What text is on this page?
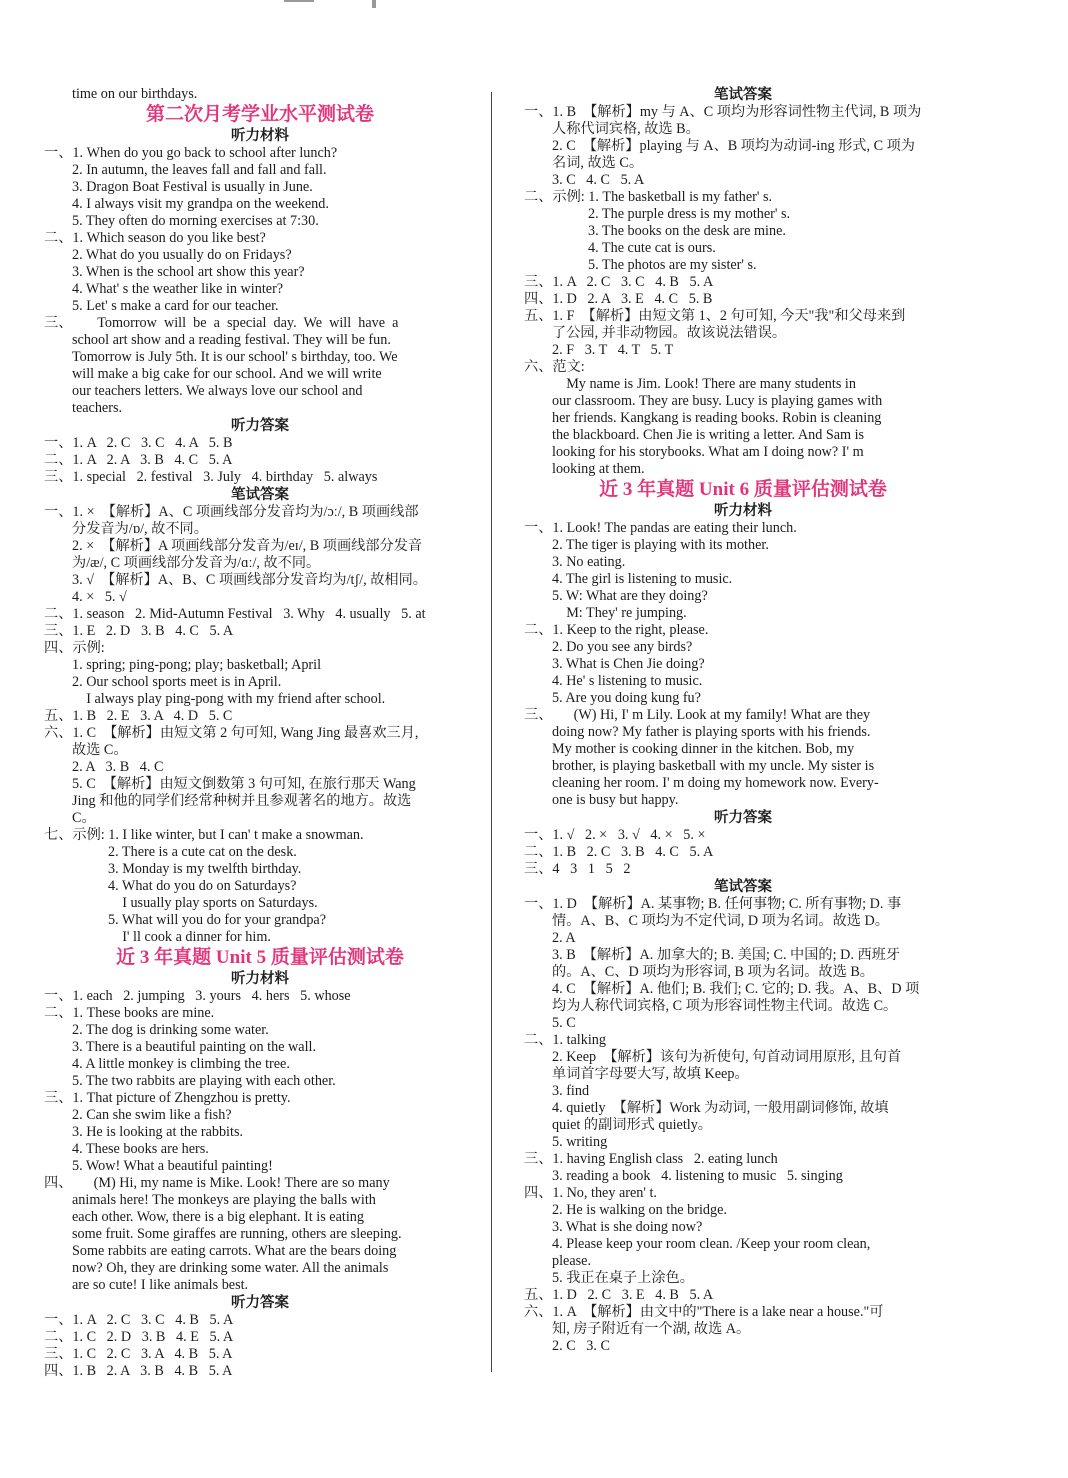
time on our birthdays.
第二次月考学业水平测试卷
听力材料
一、1. When do you go back to school after lunch?
2. In autumn, the leaves fall and fall and fall.
3. Dragon Boat Festival is usually in June.
4. I always visit my grandpa on the weekend.
5. They often do morning exercises at 7:30.
二、1. Which season do you like best?
2. What do you usually do on Fridays?
3. When is the school art show this year?
4. What' s the weather like in winter?
5. Let' s make a card for our teacher.
三、       Tomorrow  will  be  a  special  day.  We  will  have  a
school art show and a reading festival. They will be fun.
Tomorrow is July 5th. It is our school' s birthday, too. We
will make a big cake for our school. And we will write
our teachers letters. We always love our school and
teachers.
听力答案
一、1. A   2. C   3. C   4. A   5. B
二、1. A   2. A   3. B   4. C   5. A
三、1. special   2. festival   3. July   4. birthday   5. always
笔试答案
一、1. ×  【解析】A、C 项画线部分发音均为/ɔː/, B 项画线部
分发音为/ɒ/, 故不同。
2. ×  【解析】A 项画线部分发音为/eɪ/, B 项画线部分发音
为/æ/, C 项画线部分发音为/ɑː/, 故不同。
3. √  【解析】A、B、C 项画线部分发音均为/tʃ/, 故相同。
4. ×   5. √
二、1. season   2. Mid-Autumn Festival   3. Why   4. usually   5. at
三、1. E   2. D   3. B   4. C   5. A
四、示例:
1. spring; ping-pong; play; basketball; April
2. Our school sports meet is in April.
I always play ping-pong with my friend after school.
五、1. B   2. E   3. A   4. D   5. C
六、1. C  【解析】由短文第 2 句可知, Wang Jing 最喜欢三月,
故选 C。
2. A   3. B   4. C
5. C  【解析】由短文倒数第 3 句可知, 在旅行那天 Wang
Jing 和他的同学们经常种树并且参观著名的地方。故选
C。
七、示例: 1. I like winter, but I can' t make a snowman.
2. There is a cute cat on the desk.
3. Monday is my twelfth birthday.
4. What do you do on Saturdays?
I usually play sports on Saturdays.
5. What will you do for your grandpa?
I' ll cook a dinner for him.
近 3 年真题 Unit 5 质量评估测试卷
听力材料
一、1. each   2. jumping   3. yours   4. hers   5. whose
二、1. These books are mine.
2. The dog is drinking some water.
3. There is a beautiful painting on the wall.
4. A little monkey is climbing the tree.
5. The two rabbits are playing with each other.
三、1. That picture of Zhengzhou is pretty.
2. Can she swim like a fish?
3. He is looking at the rabbits.
4. These books are hers.
5. Wow! What a beautiful painting!
四、      (M) Hi, my name is Mike. Look! There are so many
animals here! The monkeys are playing the balls with
each other. Wow, there is a big elephant. It is eating
some fruit. Some giraffes are running, others are sleeping.
Some rabbits are eating carrots. What are the bears doing
now? Oh, they are drinking some water. All the animals
are so cute! I like animals best.
听力答案
一、1. A   2. C   3. C   4. B   5. A
二、1. C   2. D   3. B   4. E   5. A
三、1. C   2. C   3. A   4. B   5. A
四、1. B   2. A   3. B   4. B   5. A
笔试答案
一、1. B  【解析】my 与 A、C 项均为形容词性物主代词, B 项为
人称代词宾格, 故选 B。
2. C  【解析】playing 与 A、B 项均为动词-ing 形式, C 项为
名词, 故选 C。
3. C   4. C   5. A
二、示例: 1. The basketball is my father' s.
2. The purple dress is my mother' s.
3. The books on the desk are mine.
4. The cute cat is ours.
5. The photos are my sister' s.
三、1. A   2. C   3. C   4. B   5. A
四、1. D   2. A   3. E   4. C   5. B
五、1. F  【解析】由短文第 1、2 句可知, 今天"我"和父母来到
了公园, 并非动物园。故该说法错误。
2. F   3. T   4. T   5. T
六、范文:
My name is Jim. Look! There are many students in
our classroom. They are busy. Lucy is playing games with
her friends. Kangkang is reading books. Robin is cleaning
the blackboard. Chen Jie is writing a letter. And Sam is
looking for his storybooks. What am I doing now? I' m
looking at them.
近 3 年真题 Unit 6 质量评估测试卷
听力材料
一、1. Look! The pandas are eating their lunch.
2. The tiger is playing with its mother.
3. No eating.
4. The girl is listening to music.
5. W: What are they doing?
M: They' re jumping.
二、1. Keep to the right, please.
2. Do you see any birds?
3. What is Chen Jie doing?
4. He' s listening to music.
5. Are you doing kung fu?
三、      (W) Hi, I' m Lily. Look at my family! What are they
doing now? My father is playing sports with his friends.
My mother is cooking dinner in the kitchen. Bob, my
brother, is playing basketball with my uncle. My sister is
cleaning her room. I' m doing my homework now. Every-
one is busy but happy.
听力答案
一、1. √   2. ×   3. √   4. ×   5. ×
二、1. B   2. C   3. B   4. C   5. A
三、4   3   1   5   2
笔试答案
一、1. D  【解析】A. 某事物; B. 任何事物; C. 所有事物; D. 事
情。A、B、C 项均为不定代词, D 项为名词。故选 D。
2. A
3. B  【解析】A. 加拿大的; B. 美国; C. 中国的; D. 西班牙
的。A、C、D 项均为形容词, B 项为名词。故选 B。
4. C  【解析】A. 他们; B. 我们; C. 它的; D. 我。A、B、D 项
均为人称代词宾格, C 项为形容词性物主代词。故选 C。
5. C
二、1. talking
2. Keep  【解析】该句为祈使句, 句首动词用原形, 且句首
单词首字母要大写, 故填 Keep。
3. find
4. quietly  【解析】Work 为动词, 一般用副词修饰, 故填
quiet 的副词形式 quietly。
5. writing
三、1. having English class   2. eating lunch
3. reading a book   4. listening to music   5. singing
四、1. No, they aren' t.
2. He is walking on the bridge.
3. What is she doing now?
4. Please keep your room clean. /Keep your room clean,
please.
5. 我正在桌子上涂色。
五、1. D   2. C   3. E   4. B   5. A
六、1. A  【解析】由文中的"There is a lake near a house."可
知, 房子附近有一个湖, 故选 A。
2. C   3. C
